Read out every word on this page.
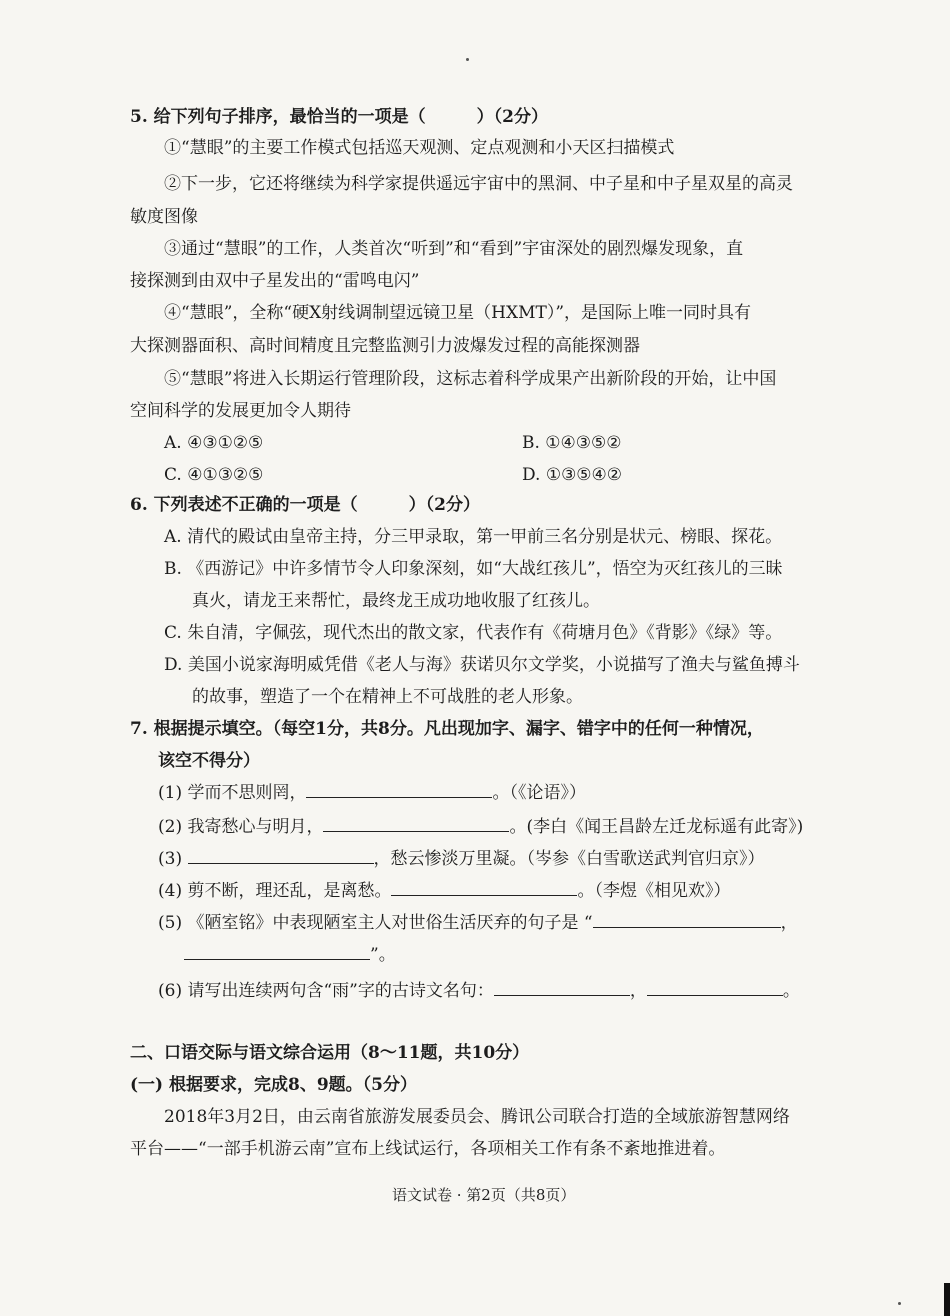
5. 给下列句子排序，最恰当的一项是（　　　）（2分）
①“慧眼”的主要工作模式包括巡天观测、定点观测和小天区扫描模式
②下一步，它还将继续为科学家提供遥远宇宙中的黑洞、中子星和中子星双星的高灵
敏度图像
③通过“慧眼”的工作，人类首次“听到”和“看到”宇宙深处的剧烈爆发现象，直
接探测到由双中子星发出的“雷鸣电闪”
④“慧眼”，全称“硬X射线调制望远镜卫星（HXMT）”，是国际上唯一同时具有
大探测器面积、高时间精度且完整监测引力波爆发过程的高能探测器
⑤“慧眼”将进入长期运行管理阶段，这标志着科学成果产出新阶段的开始，让中国
空间科学的发展更加令人期待
A. ④③①②⑤	B. ①④③⑤②
C. ④①③②⑤	D. ①③⑤④②
6. 下列表述不正确的一项是（　　　）（2分）
A. 清代的殿试由皇帝主持，分三甲录取，第一甲前三名分别是状元、榜眼、探花。
B. 《西游记》中许多情节令人印象深刻，如“大战红孩儿”，悟空为灭红孩儿的三昧
真火，请龙王来帮忙，最终龙王成功地收服了红孩儿。
C. 朱自清，字佩弦，现代杰出的散文家，代表作有《荷塘月色》《背影》《绿》等。
D. 美国小说家海明威凭借《老人与海》获诺贝尔文学奖，小说描写了渔夫与鲨鱼搏斗
的故事，塑造了一个在精神上不可战胜的老人形象。
7. 根据提示填空。（每空1分，共8分。凡出现加字、漏字、错字中的任何一种情况，
该空不得分）
(1) 学而不思则罔，	。（《论语》）
(2) 我寄愁心与明月，	。(李白《闻王昌龄左迁龙标遥有此寄》)
(3)	，愁云惨淡万里凝。（岑参《白雪歌送武判官归京》）
(4) 剪不断，理还乱，是离愁。	。（李煜《相见欢》）
(5) 《陋室铭》中表现陋室主人对世俗生活厌弃的句子是 “	，
”。
(6) 请写出连续两句含“雨”字的古诗文名句：	，	。
二、口语交际与语文综合运用（8～11题，共10分）
(一) 根据要求，完成8、9题。（5分）
2018年3月2日，由云南省旅游发展委员会、腾讯公司联合打造的全域旅游智慧网络
平台——“一部手机游云南”宣布上线试运行，各项相关工作有条不紊地推进着。
语文试卷 · 第2页（共8页）
